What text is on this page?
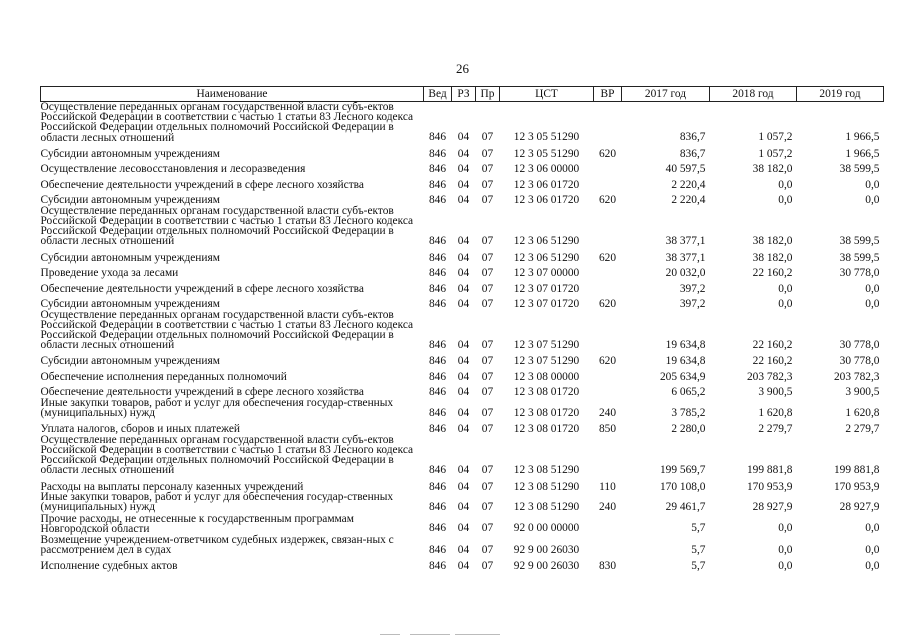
26
Наименование	Вед	РЗ	Пр	ЦСТ	ВР	2017 год	2018 год	2019 год
Осуществление переданных органам государственной власти субъ-ектов Российской Федерации в соответствии с частью 1 статьи 83 Лесного кодекса Российской Федерации отдельных полномочий Российской Федерации в области лесных отношений	846	04	07	12 3 05 51290		836,7	1 057,2	1 966,5
Субсидии автономным учреждениям	846	04	07	12 3 05 51290	620	836,7	1 057,2	1 966,5
Осуществление лесовосстановления и лесоразведения	846	04	07	12 3 06 00000		40 597,5	38 182,0	38 599,5
Обеспечение деятельности учреждений в сфере лесного хозяйства	846	04	07	12 3 06 01720		2 220,4	0,0	0,0
Субсидии автономным учреждениям	846	04	07	12 3 06 01720	620	2 220,4	0,0	0,0
Осуществление переданных органам государственной власти субъ-ектов Российской Федерации в соответствии с частью 1 статьи 83 Лесного кодекса Российской Федерации отдельных полномочий Российской Федерации в области лесных отношений	846	04	07	12 3 06 51290		38 377,1	38 182,0	38 599,5
Субсидии автономным учреждениям	846	04	07	12 3 06 51290	620	38 377,1	38 182,0	38 599,5
Проведение ухода за лесами	846	04	07	12 3 07 00000		20 032,0	22 160,2	30 778,0
Обеспечение деятельности учреждений в сфере лесного хозяйства	846	04	07	12 3 07 01720		397,2	0,0	0,0
Субсидии автономным учреждениям	846	04	07	12 3 07 01720	620	397,2	0,0	0,0
Осуществление переданных органам государственной власти субъ-ектов Российской Федерации в соответствии с частью 1 статьи 83 Лесного кодекса Российской Федерации отдельных полномочий Российской Федерации в области лесных отношений	846	04	07	12 3 07 51290		19 634,8	22 160,2	30 778,0
Субсидии автономным учреждениям	846	04	07	12 3 07 51290	620	19 634,8	22 160,2	30 778,0
Обеспечение исполнения переданных полномочий	846	04	07	12 3 08 00000		205 634,9	203 782,3	203 782,3
Обеспечение деятельности учреждений в сфере лесного хозяйства	846	04	07	12 3 08 01720		6 065,2	3 900,5	3 900,5
Иные закупки товаров, работ и услуг для обеспечения государ-ственных (муниципальных) нужд	846	04	07	12 3 08 01720	240	3 785,2	1 620,8	1 620,8
Уплата налогов, сборов и иных платежей	846	04	07	12 3 08 01720	850	2 280,0	2 279,7	2 279,7
Осуществление переданных органам государственной власти субъ-ектов Российской Федерации в соответствии с частью 1 статьи 83 Лесного кодекса Российской Федерации отдельных полномочий Российской Федерации в области лесных отношений	846	04	07	12 3 08 51290		199 569,7	199 881,8	199 881,8
Расходы на выплаты персоналу казенных учреждений	846	04	07	12 3 08 51290	110	170 108,0	170 953,9	170 953,9
Иные закупки товаров, работ и услуг для обеспечения государ-ственных (муниципальных) нужд	846	04	07	12 3 08 51290	240	29 461,7	28 927,9	28 927,9
Прочие расходы, не отнесенные к государственным программам Новгородской области	846	04	07	92 0 00 00000		5,7	0,0	0,0
Возмещение учреждением-ответчиком судебных издержек, связан-ных с рассмотрением дел в судах	846	04	07	92 9 00 26030		5,7	0,0	0,0
Исполнение судебных актов	846	04	07	92 9 00 26030	830	5,7	0,0	0,0
